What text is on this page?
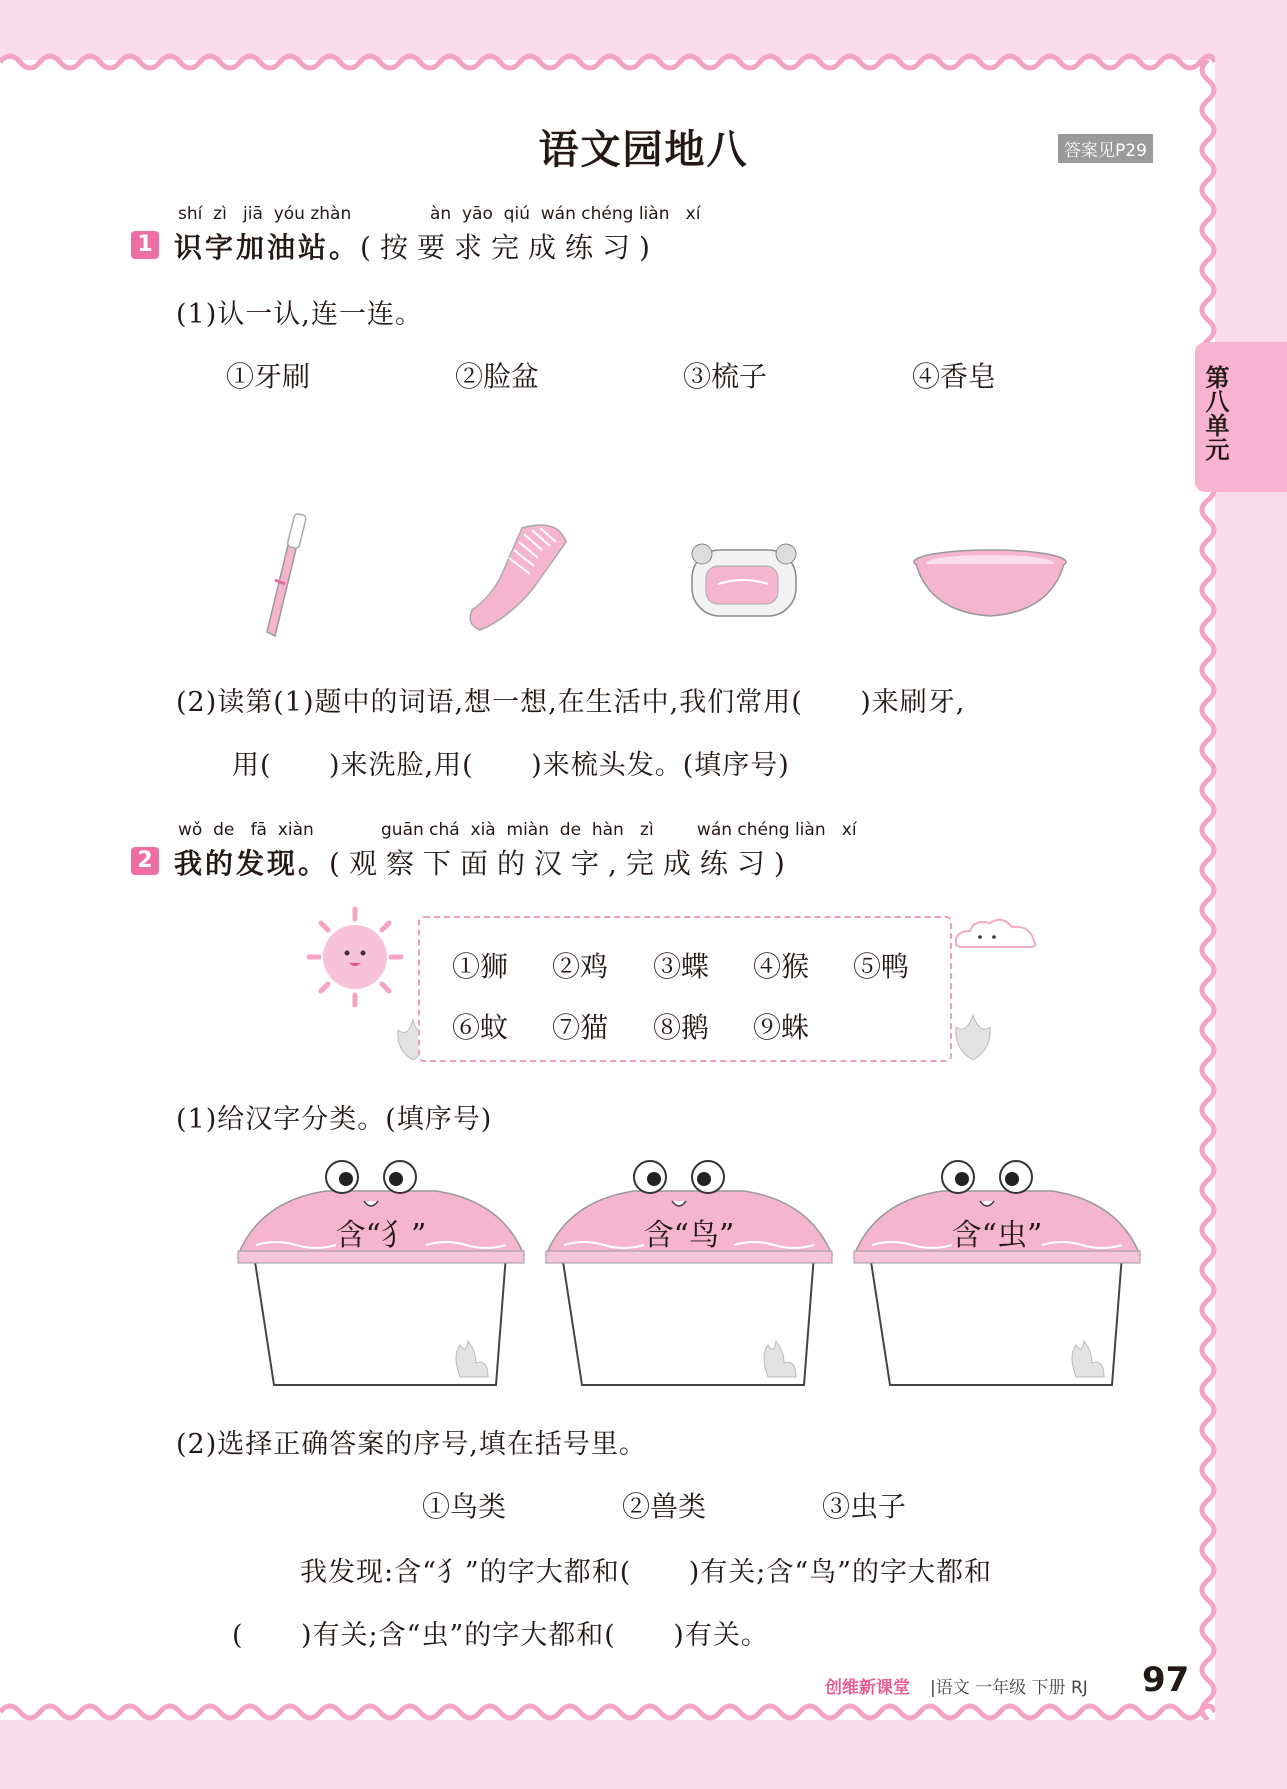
语文园地八	答案见P29
第八单元
shí  zì   jiā  yóu zhàn	àn  yāo  qiú  wán chéng liàn   xí
1 识字加油站。(按要求完成练习)
(1)认一认,连一连。
①牙刷	②脸盆	③梳子	④香皂
(2)读第(1)题中的词语,想一想,在生活中,我们常用(      )来刷牙,
用(      )来洗脸,用(      )来梳头发。(填序号)
wǒ  de   fā  xiàn	guān chá  xià  miàn  de  hàn   zì        wán chéng liàn   xí
2 我的发现。(观察下面的汉字,完成练习)
①狮 ②鸡 ③蝶 ④猴 ⑤鸭
⑥蚊 ⑦猫 ⑧鹅 ⑨蛛
(1)给汉字分类。(填序号)
含“犭”	含“鸟”	含“虫”
(2)选择正确答案的序号,填在括号里。
①鸟类	②兽类	③虫子
我发现:含“犭”的字大都和(      )有关;含“鸟”的字大都和
(      )有关;含“虫”的字大都和(      )有关。
创维新课堂 |语文 一年级 下册 RJ 97
